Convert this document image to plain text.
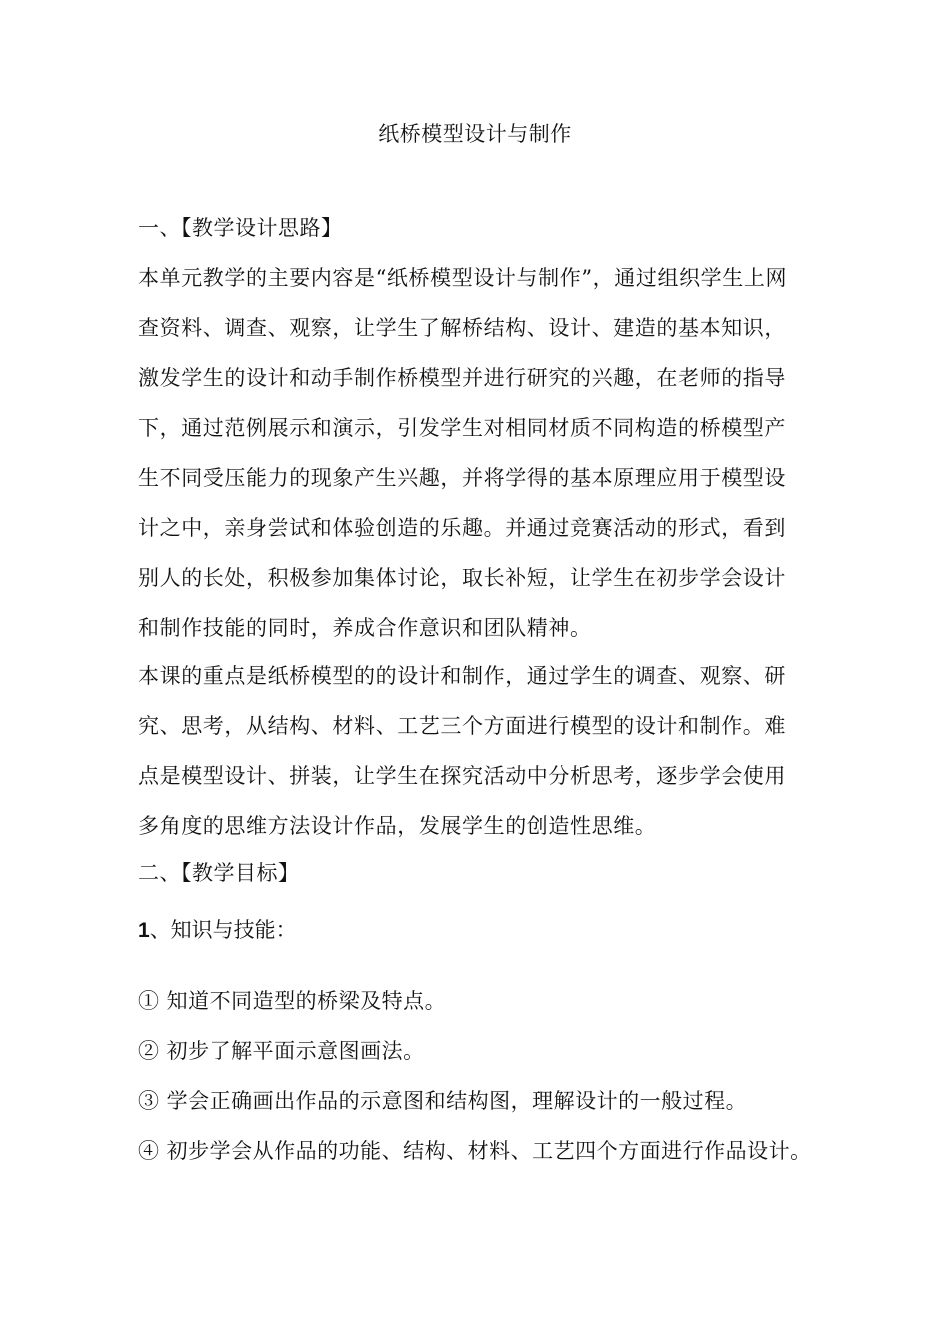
纸桥模型设计与制作
一、【教学设计思路】
本单元教学的主要内容是“纸桥模型设计与制作”，通过组织学生上网
查资料、调查、观察，让学生了解桥结构、设计、建造的基本知识，
激发学生的设计和动手制作桥模型并进行研究的兴趣，在老师的指导
下，通过范例展示和演示，引发学生对相同材质不同构造的桥模型产
生不同受压能力的现象产生兴趣，并将学得的基本原理应用于模型设
计之中，亲身尝试和体验创造的乐趣。并通过竞赛活动的形式，看到
别人的长处，积极参加集体讨论，取长补短，让学生在初步学会设计
和制作技能的同时，养成合作意识和团队精神。
本课的重点是纸桥模型的的设计和制作，通过学生的调查、观察、研
究、思考，从结构、材料、工艺三个方面进行模型的设计和制作。难
点是模型设计、拼装，让学生在探究活动中分析思考，逐步学会使用
多角度的思维方法设计作品，发展学生的创造性思维。
二、【教学目标】
1、知识与技能：
① 知道不同造型的桥梁及特点。
② 初步了解平面示意图画法。
③ 学会正确画出作品的示意图和结构图，理解设计的一般过程。
④ 初步学会从作品的功能、结构、材料、工艺四个方面进行作品设计。
